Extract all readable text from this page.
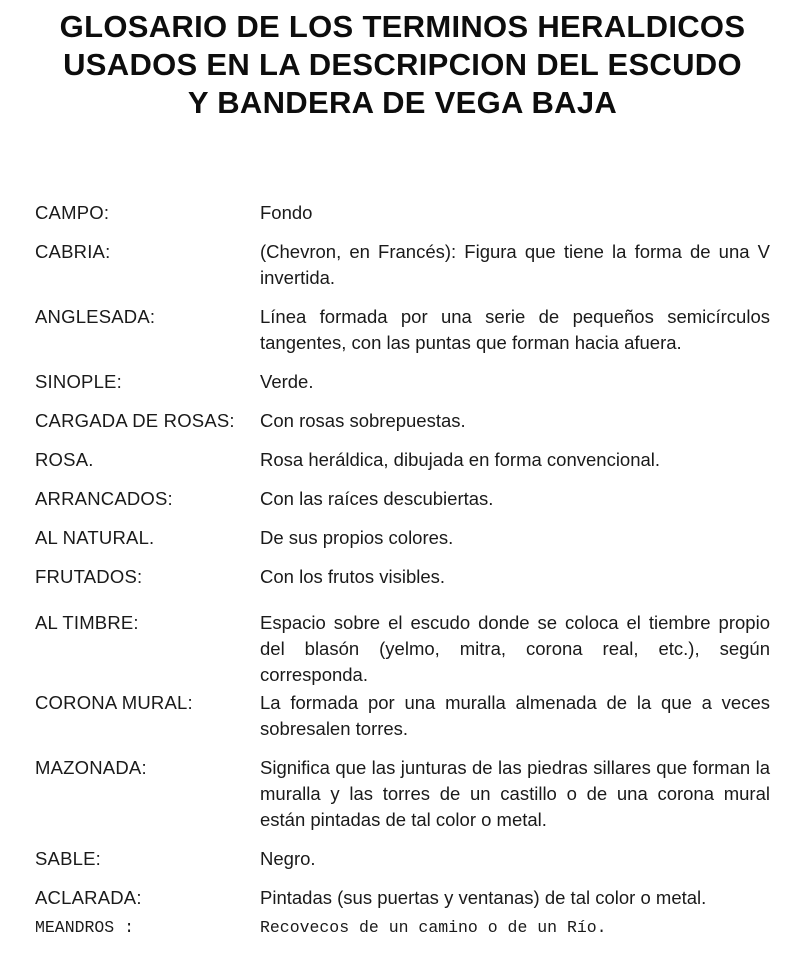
GLOSARIO DE LOS TERMINOS HERALDICOS
USADOS EN LA DESCRIPCION DEL ESCUDO
Y BANDERA DE VEGA BAJA
CAMPO:	Fondo
CABRIA:	(Chevron, en Francés): Figura que tiene la forma de una V invertida.
ANGLESADA:	Línea formada por una serie de pequeños semicírculos tangentes, con las puntas que forman hacia afuera.
SINOPLE:	Verde.
CARGADA DE ROSAS:	Con rosas sobrepuestas.
ROSA.	Rosa heráldica, dibujada en forma convencional.
ARRANCADOS:	Con las raíces descubiertas.
AL NATURAL.	De sus propios colores.
FRUTADOS:	Con los frutos visibles.
AL TIMBRE:	Espacio sobre el escudo donde se coloca el tiembre propio del blasón (yelmo, mitra, corona real, etc.), según corresponda.
CORONA MURAL:	La formada por una muralla almenada de la que a veces sobresalen torres.
MAZONADA:	Significa que las junturas de las piedras sillares que forman la muralla y las torres de un castillo o de una corona mural están pintadas de tal color o metal.
SABLE:	Negro.
ACLARADA:	Pintadas (sus puertas y ventanas) de tal color o metal.
MEANDROS :	Recovecos de un camino o de un Río.
